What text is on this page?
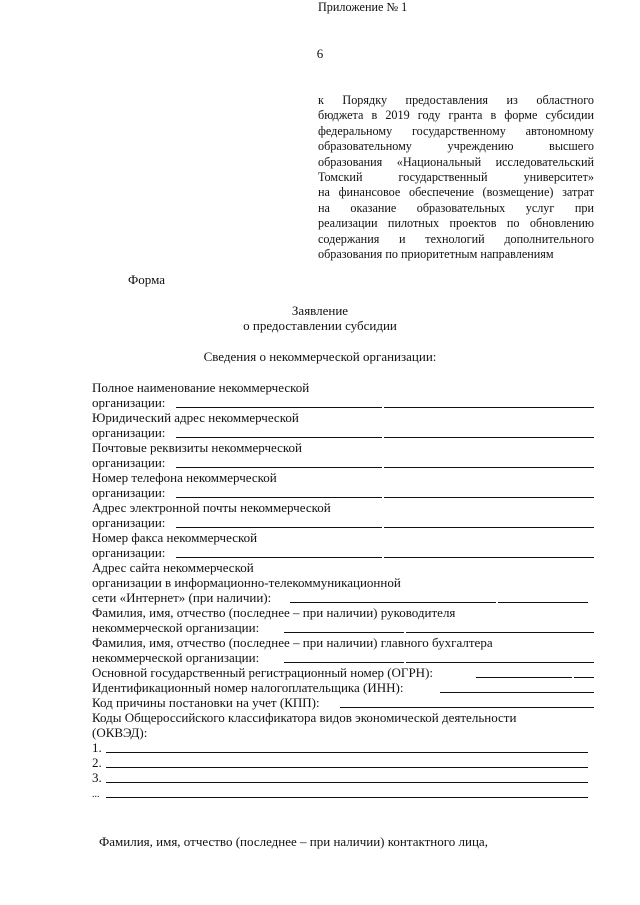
6
Приложение № 1
к Порядку предоставления из областного
бюджета в 2019 году гранта в форме субсидии
федеральному государственному автономному
образовательному учреждению высшего
образования «Национальный исследовательский
Томский государственный университет»
на финансовое обеспечение (возмещение) затрат
на оказание образовательных услуг при
реализации пилотных проектов по обновлению
содержания и технологий дополнительного
образования по приоритетным направлениям
Форма
Заявление
о предоставлении субсидии
Сведения о некоммерческой организации:
Полное наименование некоммерческой
организации:
Юридический адрес некоммерческой
организации:
Почтовые реквизиты некоммерческой
организации:
Номер телефона некоммерческой
организации:
Адрес электронной почты некоммерческой
организации:
Номер факса некоммерческой
организации:
Адрес сайта некоммерческой
организации в информационно-телекоммуникационной
сети «Интернет» (при наличии):
Фамилия, имя, отчество (последнее – при наличии) руководителя
некоммерческой организации:
Фамилия, имя, отчество (последнее – при наличии) главного бухгалтера
некоммерческой организации:
Основной государственный регистрационный номер (ОГРН):
Идентификационный номер налогоплательщика (ИНН):
Код причины постановки на учет (КПП):
Коды Общероссийского классификатора видов экономической деятельности
(ОКВЭД):
1.
2.
3.
...
Фамилия, имя, отчество (последнее – при наличии) контактного лица,
